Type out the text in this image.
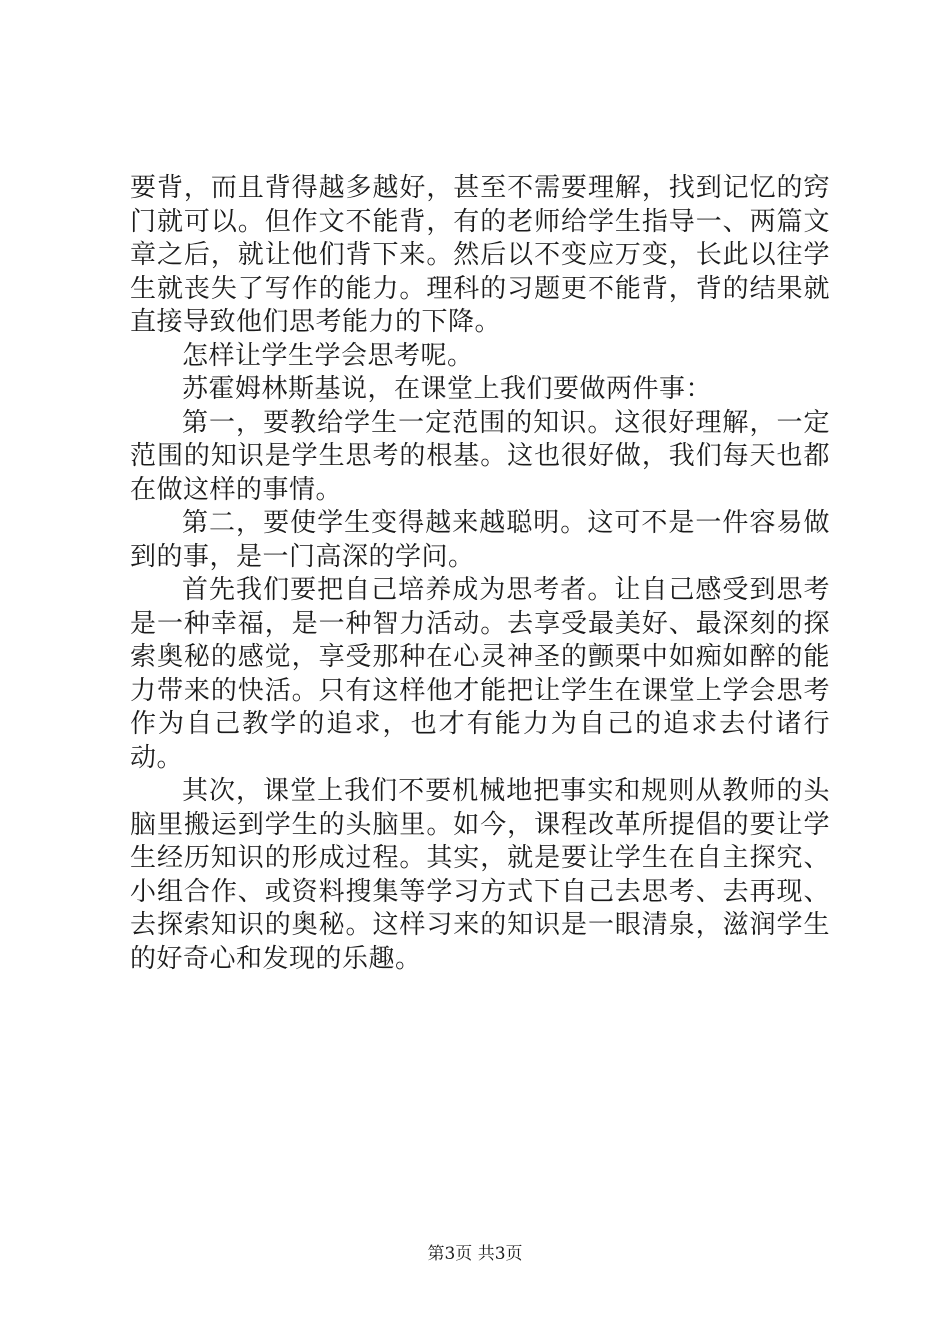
要背，而且背得越多越好，甚至不需要理解，找到记忆的窍门就可以。但作文不能背，有的老师给学生指导一、两篇文章之后，就让他们背下来。然后以不变应万变，长此以往学生就丧失了写作的能力。理科的习题更不能背，背的结果就直接导致他们思考能力的下降。

怎样让学生学会思考呢。

苏霍姆林斯基说，在课堂上我们要做两件事：

第一，要教给学生一定范围的知识。这很好理解，一定范围的知识是学生思考的根基。这也很好做，我们每天也都在做这样的事情。

第二，要使学生变得越来越聪明。这可不是一件容易做到的事，是一门高深的学问。

首先我们要把自己培养成为思考者。让自己感受到思考是一种幸福，是一种智力活动。去享受最美好、最深刻的探索奥秘的感觉，享受那种在心灵神圣的颤栗中如痴如醉的能力带来的快活。只有这样他才能把让学生在课堂上学会思考作为自己教学的追求，也才有能力为自己的追求去付诸行动。

其次，课堂上我们不要机械地把事实和规则从教师的头脑里搬运到学生的头脑里。如今，课程改革所提倡的要让学生经历知识的形成过程。其实，就是要让学生在自主探究、小组合作、或资料搜集等学习方式下自己去思考、去再现、去探索知识的奥秘。这样习来的知识是一眼清泉，滋润学生的好奇心和发现的乐趣。

第3页 共3页
